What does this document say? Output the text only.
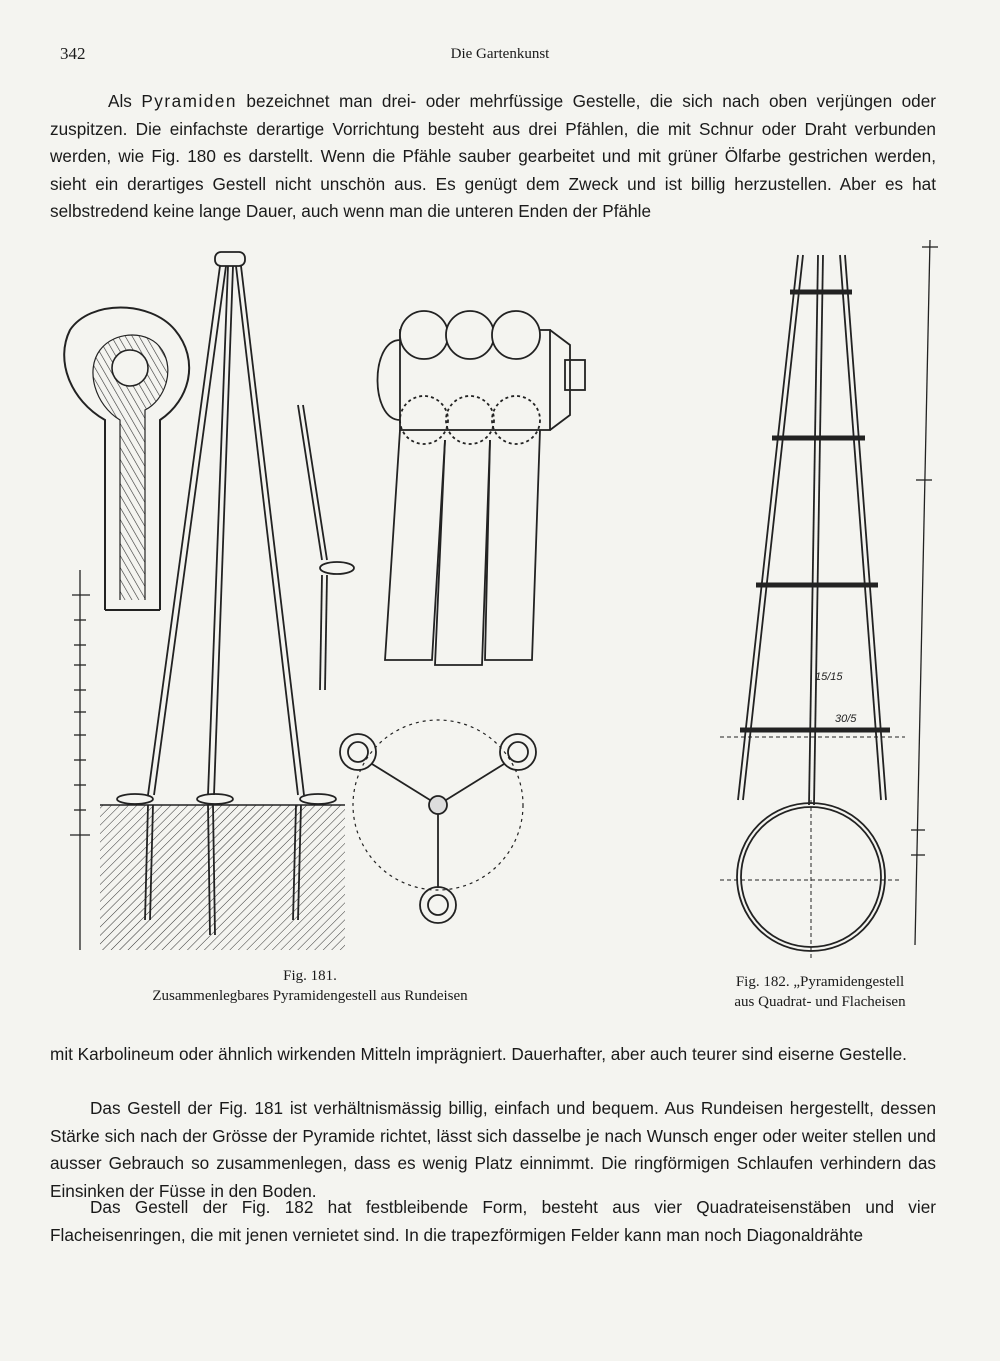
342	Die Gartenkunst

Als Pyramiden bezeichnet man drei- oder mehrfüssige Gestelle, die sich nach oben verjüngen oder zuspitzen. Die einfachste derartige Vorrichtung besteht aus drei Pfählen, die mit Schnur oder Draht verbunden werden, wie Fig. 180 es darstellt. Wenn die Pfähle sauber gearbeitet und mit grüner Ölfarbe gestrichen werden, sieht ein derartiges Gestell nicht unschön aus. Es genügt dem Zweck und ist billig herzustellen. Aber es hat selbstredend keine lange Dauer, auch wenn man die unteren Enden der Pfähle

15/15
30/5
Fig. 181.
Zusammenlegbares Pyramidengestell aus Rundeisen
Fig. 182. „Pyramidengestell
aus Quadrat- und Flacheisen

mit Karbolineum oder ähnlich wirkenden Mitteln imprägniert. Dauerhafter, aber auch teurer sind eiserne Gestelle.

Das Gestell der Fig. 181 ist verhältnismässig billig, einfach und bequem. Aus Rundeisen hergestellt, dessen Stärke sich nach der Grösse der Pyramide richtet, lässt sich dasselbe je nach Wunsch enger oder weiter stellen und ausser Gebrauch so zusammenlegen, dass es wenig Platz einnimmt. Die ringförmigen Schlaufen verhindern das Einsinken der Füsse in den Boden.

Das Gestell der Fig. 182 hat festbleibende Form, besteht aus vier Quadrateisenstäben und vier Flacheisenringen, die mit jenen vernietet sind. In die trapezförmigen Felder kann man noch Diagonaldrähte
